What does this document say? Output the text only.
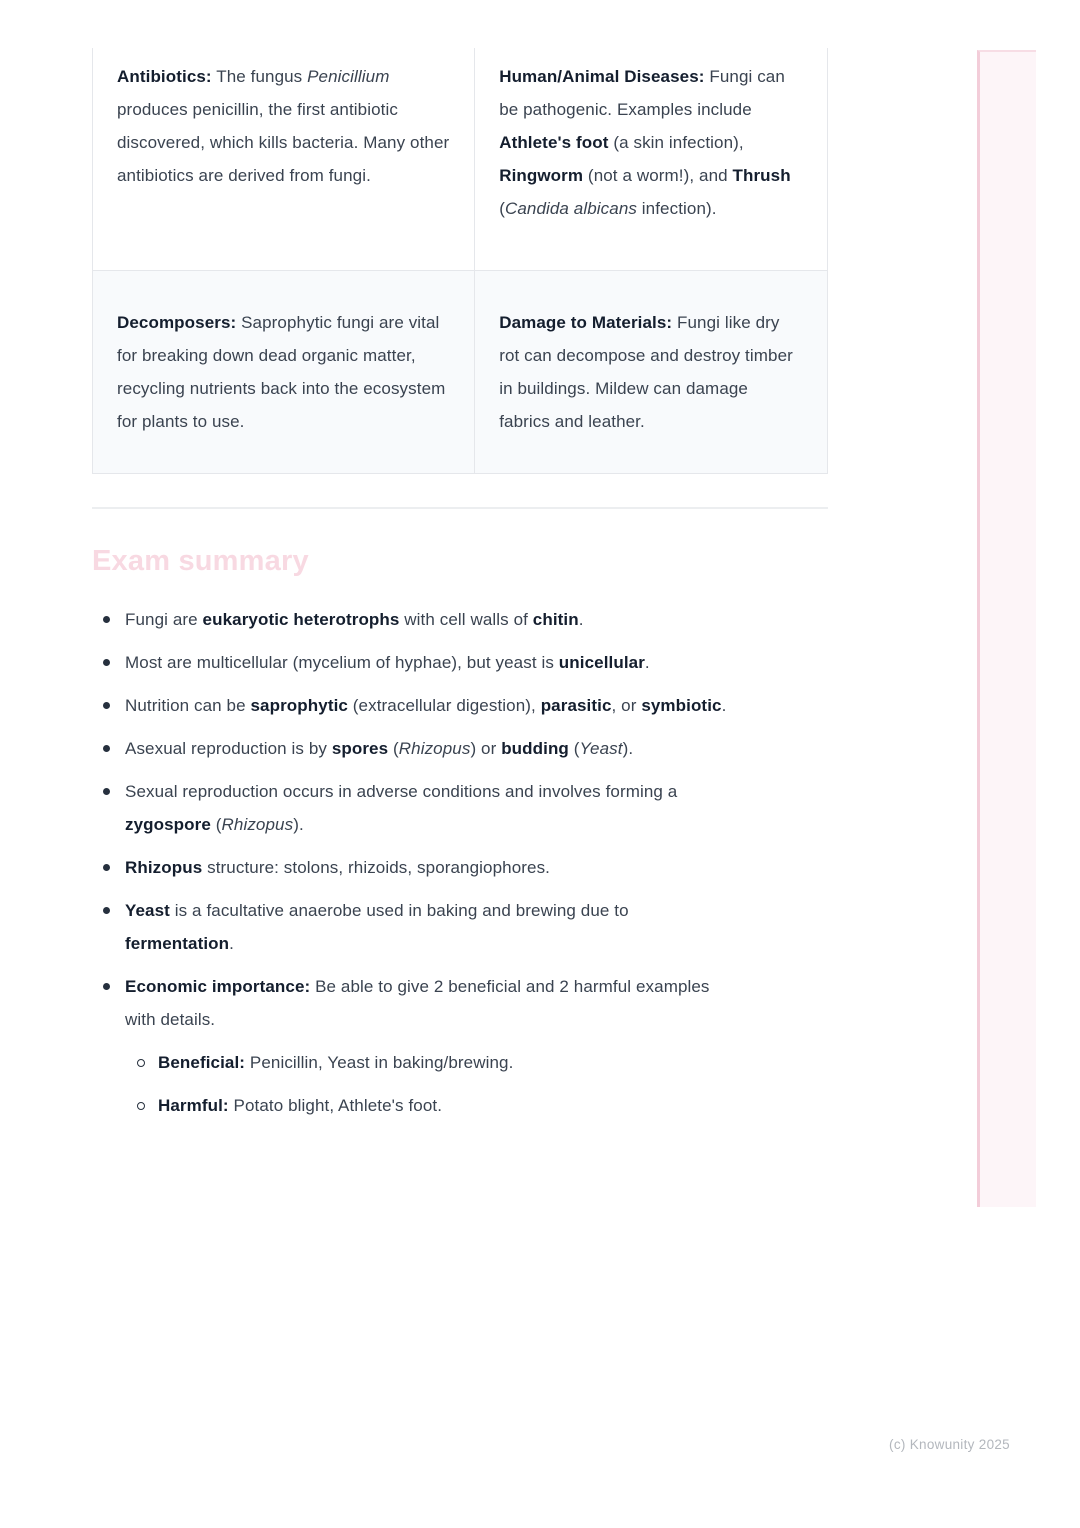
Antibiotics: The fungus Penicillium produces penicillin, the first antibiotic discovered, which kills bacteria. Many other antibiotics are derived from fungi.	Human/Animal Diseases: Fungi can be pathogenic. Examples include Athlete's foot (a skin infection), Ringworm (not a worm!), and Thrush (Candida albicans infection).
Decomposers: Saprophytic fungi are vital for breaking down dead organic matter, recycling nutrients back into the ecosystem for plants to use.	Damage to Materials: Fungi like dry rot can decompose and destroy timber in buildings. Mildew can damage fabrics and leather.
Exam summary
Fungi are eukaryotic heterotrophs with cell walls of chitin.
Most are multicellular (mycelium of hyphae), but yeast is unicellular.
Nutrition can be saprophytic (extracellular digestion), parasitic, or symbiotic.
Asexual reproduction is by spores (Rhizopus) or budding (Yeast).
Sexual reproduction occurs in adverse conditions and involves forming a zygospore (Rhizopus).
Rhizopus structure: stolons, rhizoids, sporangiophores.
Yeast is a facultative anaerobe used in baking and brewing due to fermentation.
Economic importance: Be able to give 2 beneficial and 2 harmful examples with details.
Beneficial: Penicillin, Yeast in baking/brewing.
Harmful: Potato blight, Athlete's foot.
(c) Knowunity 2025
